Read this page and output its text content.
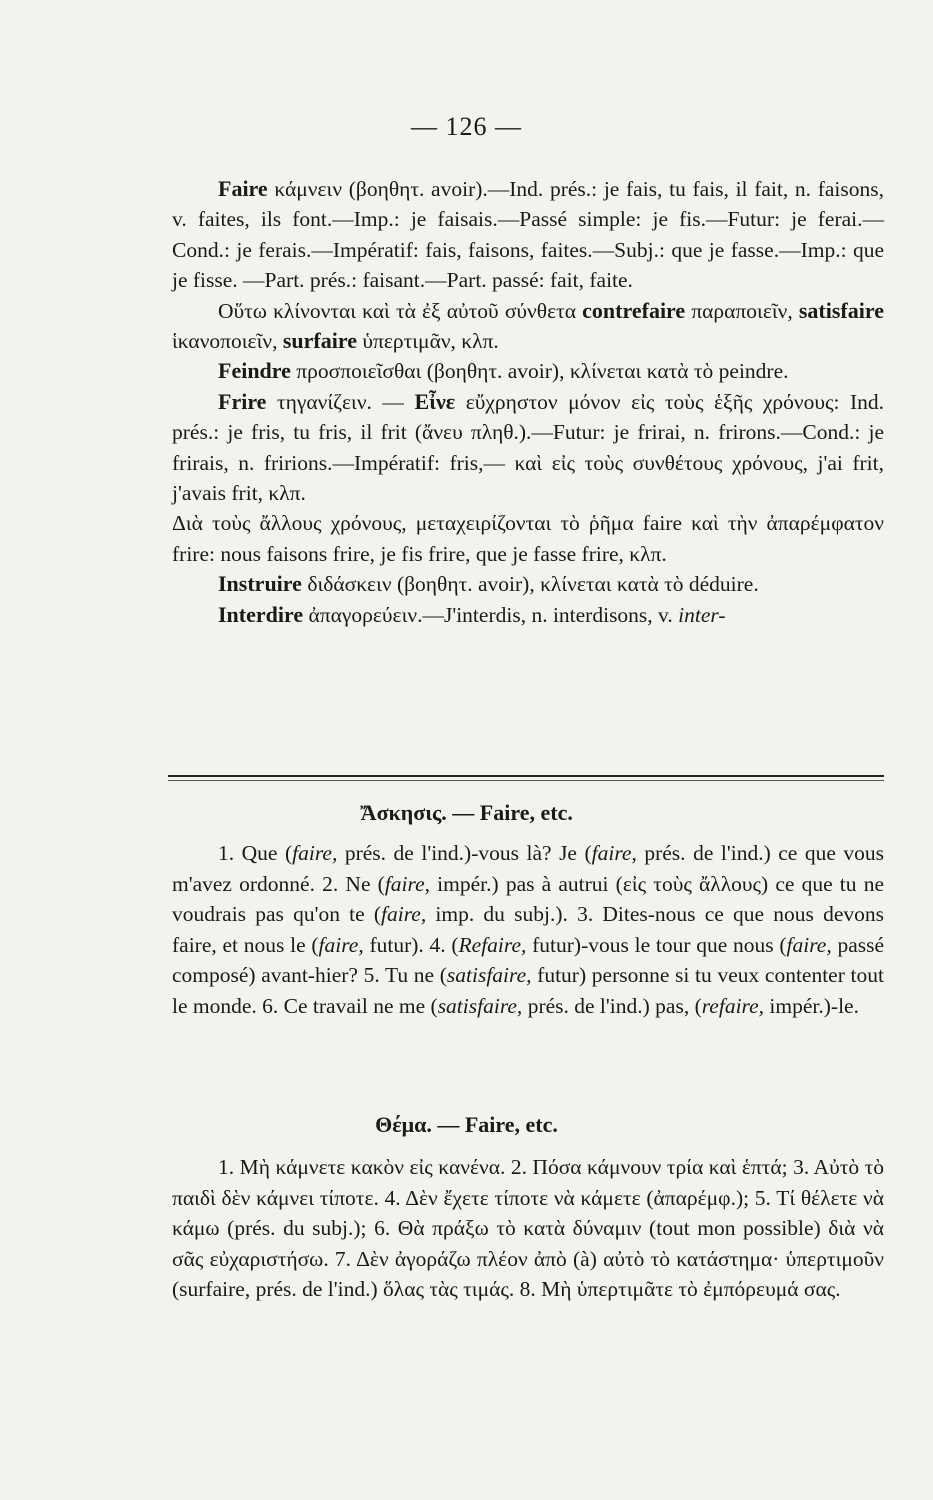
— 126 —

Faire κάμνειν (βοηθητ. avoir).—Ind. prés.: je fais, tu fais, il fait, n. faisons, v. faites, ils font.—Imp.: je faisais.—Passé simple: je fis.—Futur: je ferai.—Cond.: je ferais.—Impératif: fais, faisons, faites.—Subj.: que je fasse.—Imp.: que je fisse. —Part. prés.: faisant.—Part. passé: fait, faite.

Οὕτω κλίνονται καὶ τὰ ἐξ αὐτοῦ σύνθετα contrefaire παραποιεῖν, satisfaire ἱκανοποιεῖν, surfaire ὑπερτιμᾶν, κλπ.

Feindre προσποιεῖσθαι (βοηθητ. avoir), κλίνεται κατὰ τὸ peindre.

Frire τηγανίζειν. — Εἶνε εὔχρηστον μόνον εἰς τοὺς ἑξῆς χρόνους: Ind. prés.: je fris, tu fris, il frit (ἄνευ πληθ.).—Futur: je frirai, n. frirons.—Cond.: je frirais, n. fririons.—Impératif: fris,— καὶ εἰς τοὺς συνθέτους χρόνους, j'ai frit, j'avais frit, κλπ.

Διὰ τοὺς ἄλλους χρόνους, μεταχειρίζονται τὸ ῥῆμα faire καὶ τὴν ἀπαρέμφατον frire: nous faisons frire, je fis frire, que je fasse frire, κλπ.

Instruire διδάσκειν (βοηθητ. avoir), κλίνεται κατὰ τὸ déduire.

Interdire ἀπαγορεύειν.—J'interdis, n. interdisons, v. inter-

Ἄσκησις. — Faire, etc.

1. Que (faire, prés. de l'ind.)-vous là? Je (faire, prés. de l'ind.) ce que vous m'avez ordonné. 2. Ne (faire, impér.) pas à autrui (εἰς τοὺς ἄλλους) ce que tu ne voudrais pas qu'on te (faire, imp. du subj.). 3. Dites-nous ce que nous devons faire, et nous le (faire, futur). 4. (Refaire, futur)-vous le tour que nous (faire, passé composé) avant-hier? 5. Tu ne (satisfaire, futur) personne si tu veux contenter tout le monde. 6. Ce travail ne me (satisfaire, prés. de l'ind.) pas, (refaire, impér.)-le.

Θέμα. — Faire, etc.

1. Μὴ κάμνετε κακὸν εἰς κανένα. 2. Πόσα κάμνουν τρία καὶ ἑπτά; 3. Αὐτὸ τὸ παιδὶ δὲν κάμνει τίποτε. 4. Δὲν ἔχετε τίποτε νὰ κάμετε (ἀπαρέμφ.); 5. Τί θέλετε νὰ κάμω (prés. du subj.); 6. Θὰ πράξω τὸ κατὰ δύναμιν (tout mon possible) διὰ νὰ σᾶς εὐχαριστήσω. 7. Δὲν ἀγοράζω πλέον ἀπὸ (à) αὐτὸ τὸ κατάστημα· ὑπερτιμοῦν (surfaire, prés. de l'ind.) ὅλας τὰς τιμάς. 8. Μὴ ὑπερτιμᾶτε τὸ ἐμπόρευμά σας.
